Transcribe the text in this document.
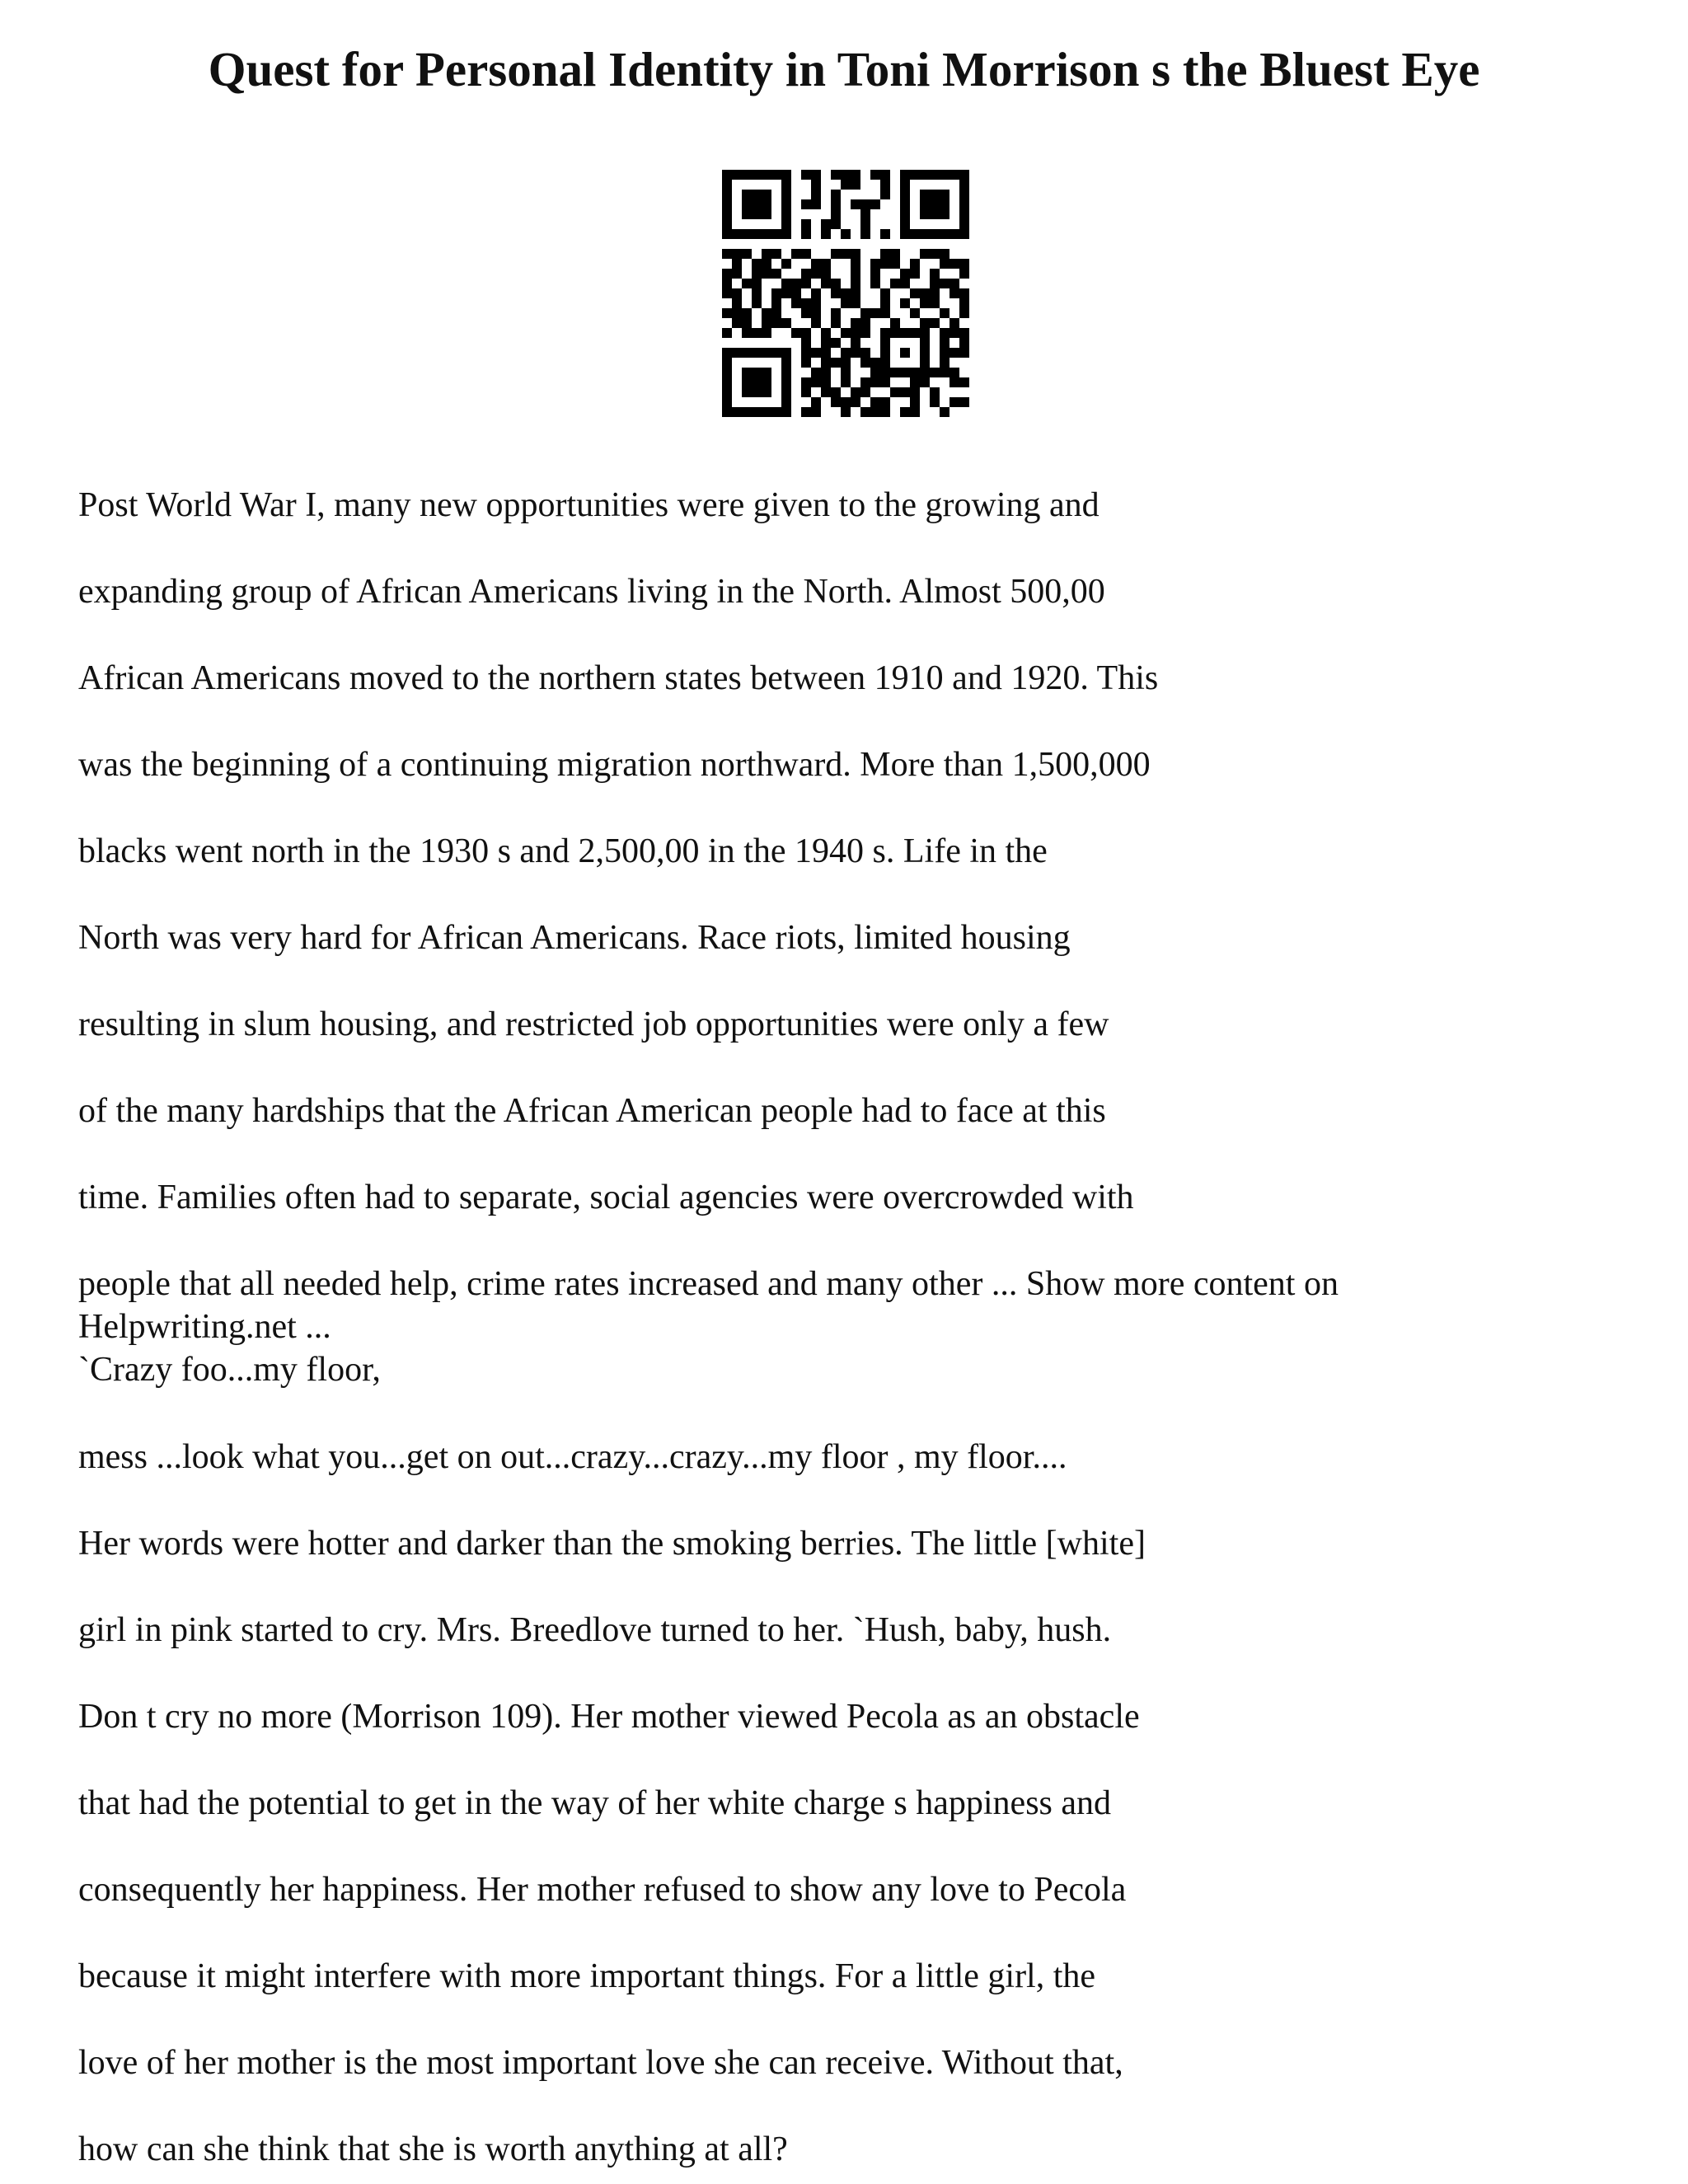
Quest for Personal Identity in Toni Morrison s the Bluest Eye
Post World War I, many new opportunities were given to the growing and
expanding group of African Americans living in the North. Almost 500,00
African Americans moved to the northern states between 1910 and 1920. This
was the beginning of a continuing migration northward. More than 1,500,000
blacks went north in the 1930 s and 2,500,00 in the 1940 s. Life in the
North was very hard for African Americans. Race riots, limited housing
resulting in slum housing, and restricted job opportunities were only a few
of the many hardships that the African American people had to face at this
time. Families often had to separate, social agencies were overcrowded with
people that all needed help, crime rates increased and many other ... Show more content on
Helpwriting.net ...
`Crazy foo...my floor,
mess ...look what you...get on out...crazy...crazy...my floor , my floor....
Her words were hotter and darker than the smoking berries. The little [white]
girl in pink started to cry. Mrs. Breedlove turned to her. `Hush, baby, hush.
Don t cry no more (Morrison 109). Her mother viewed Pecola as an obstacle
that had the potential to get in the way of her white charge s happiness and
consequently her happiness. Her mother refused to show any love to Pecola
because it might interfere with more important things. For a little girl, the
love of her mother is the most important love she can receive. Without that,
how can she think that she is worth anything at all?
